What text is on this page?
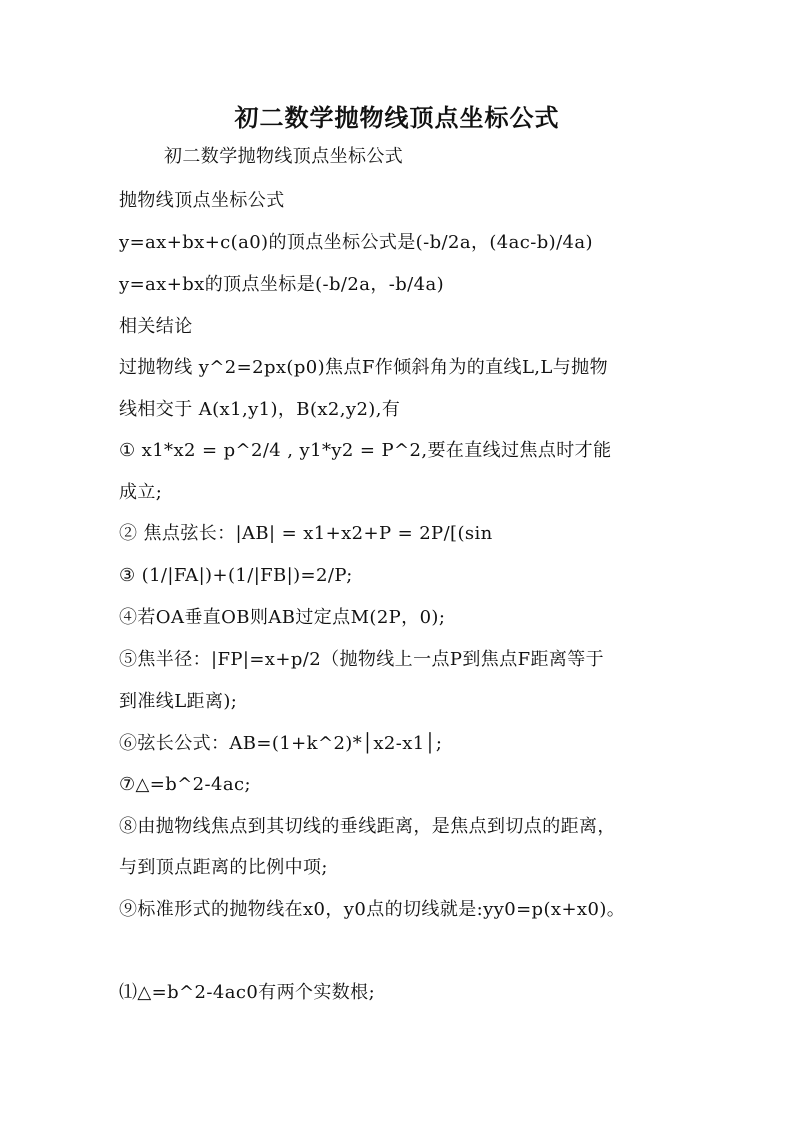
初二数学抛物线顶点坐标公式

初二数学抛物线顶点坐标公式

抛物线顶点坐标公式

y=ax+bx+c(a0)的顶点坐标公式是(-b/2a，(4ac-b)/4a)

y=ax+bx的顶点坐标是(-b/2a，-b/4a)

相关结论

过抛物线 y^2=2px(p0)焦点F作倾斜角为的直线L,L与抛物

线相交于 A(x1,y1)，B(x2,y2),有

① x1*x2 = p^2/4 , y1*y2 = P^2,要在直线过焦点时才能

成立;

② 焦点弦长：|AB| = x1+x2+P = 2P/[(sin

③ (1/|FA|)+(1/|FB|)=2/P;

④若OA垂直OB则AB过定点M(2P，0);

⑤焦半径：|FP|=x+p/2（抛物线上一点P到焦点F距离等于

到准线L距离);

⑥弦长公式：AB=(1+k^2)*│x2-x1│;

⑦△=b^2-4ac;

⑧由抛物线焦点到其切线的垂线距离，是焦点到切点的距离，

与到顶点距离的比例中项;

⑨标准形式的抛物线在x0，y0点的切线就是:yy0=p(x+x0)。

⑴△=b^2-4ac0有两个实数根;
